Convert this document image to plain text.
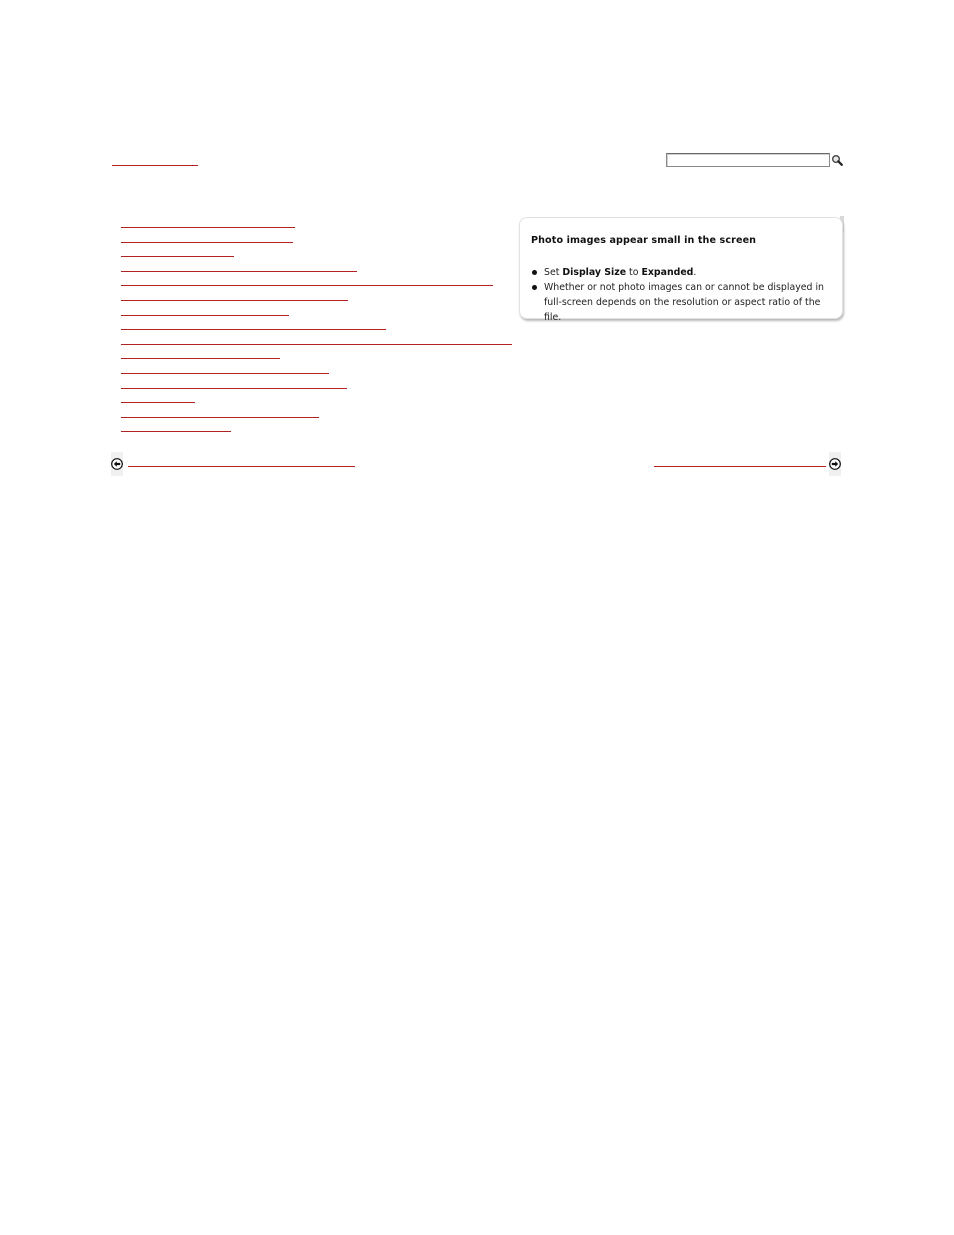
Photo images appear small in the screen
Set Display Size to Expanded.
Whether or not photo images can or cannot be displayed in full-screen depends on the resolution or aspect ratio of the file.
